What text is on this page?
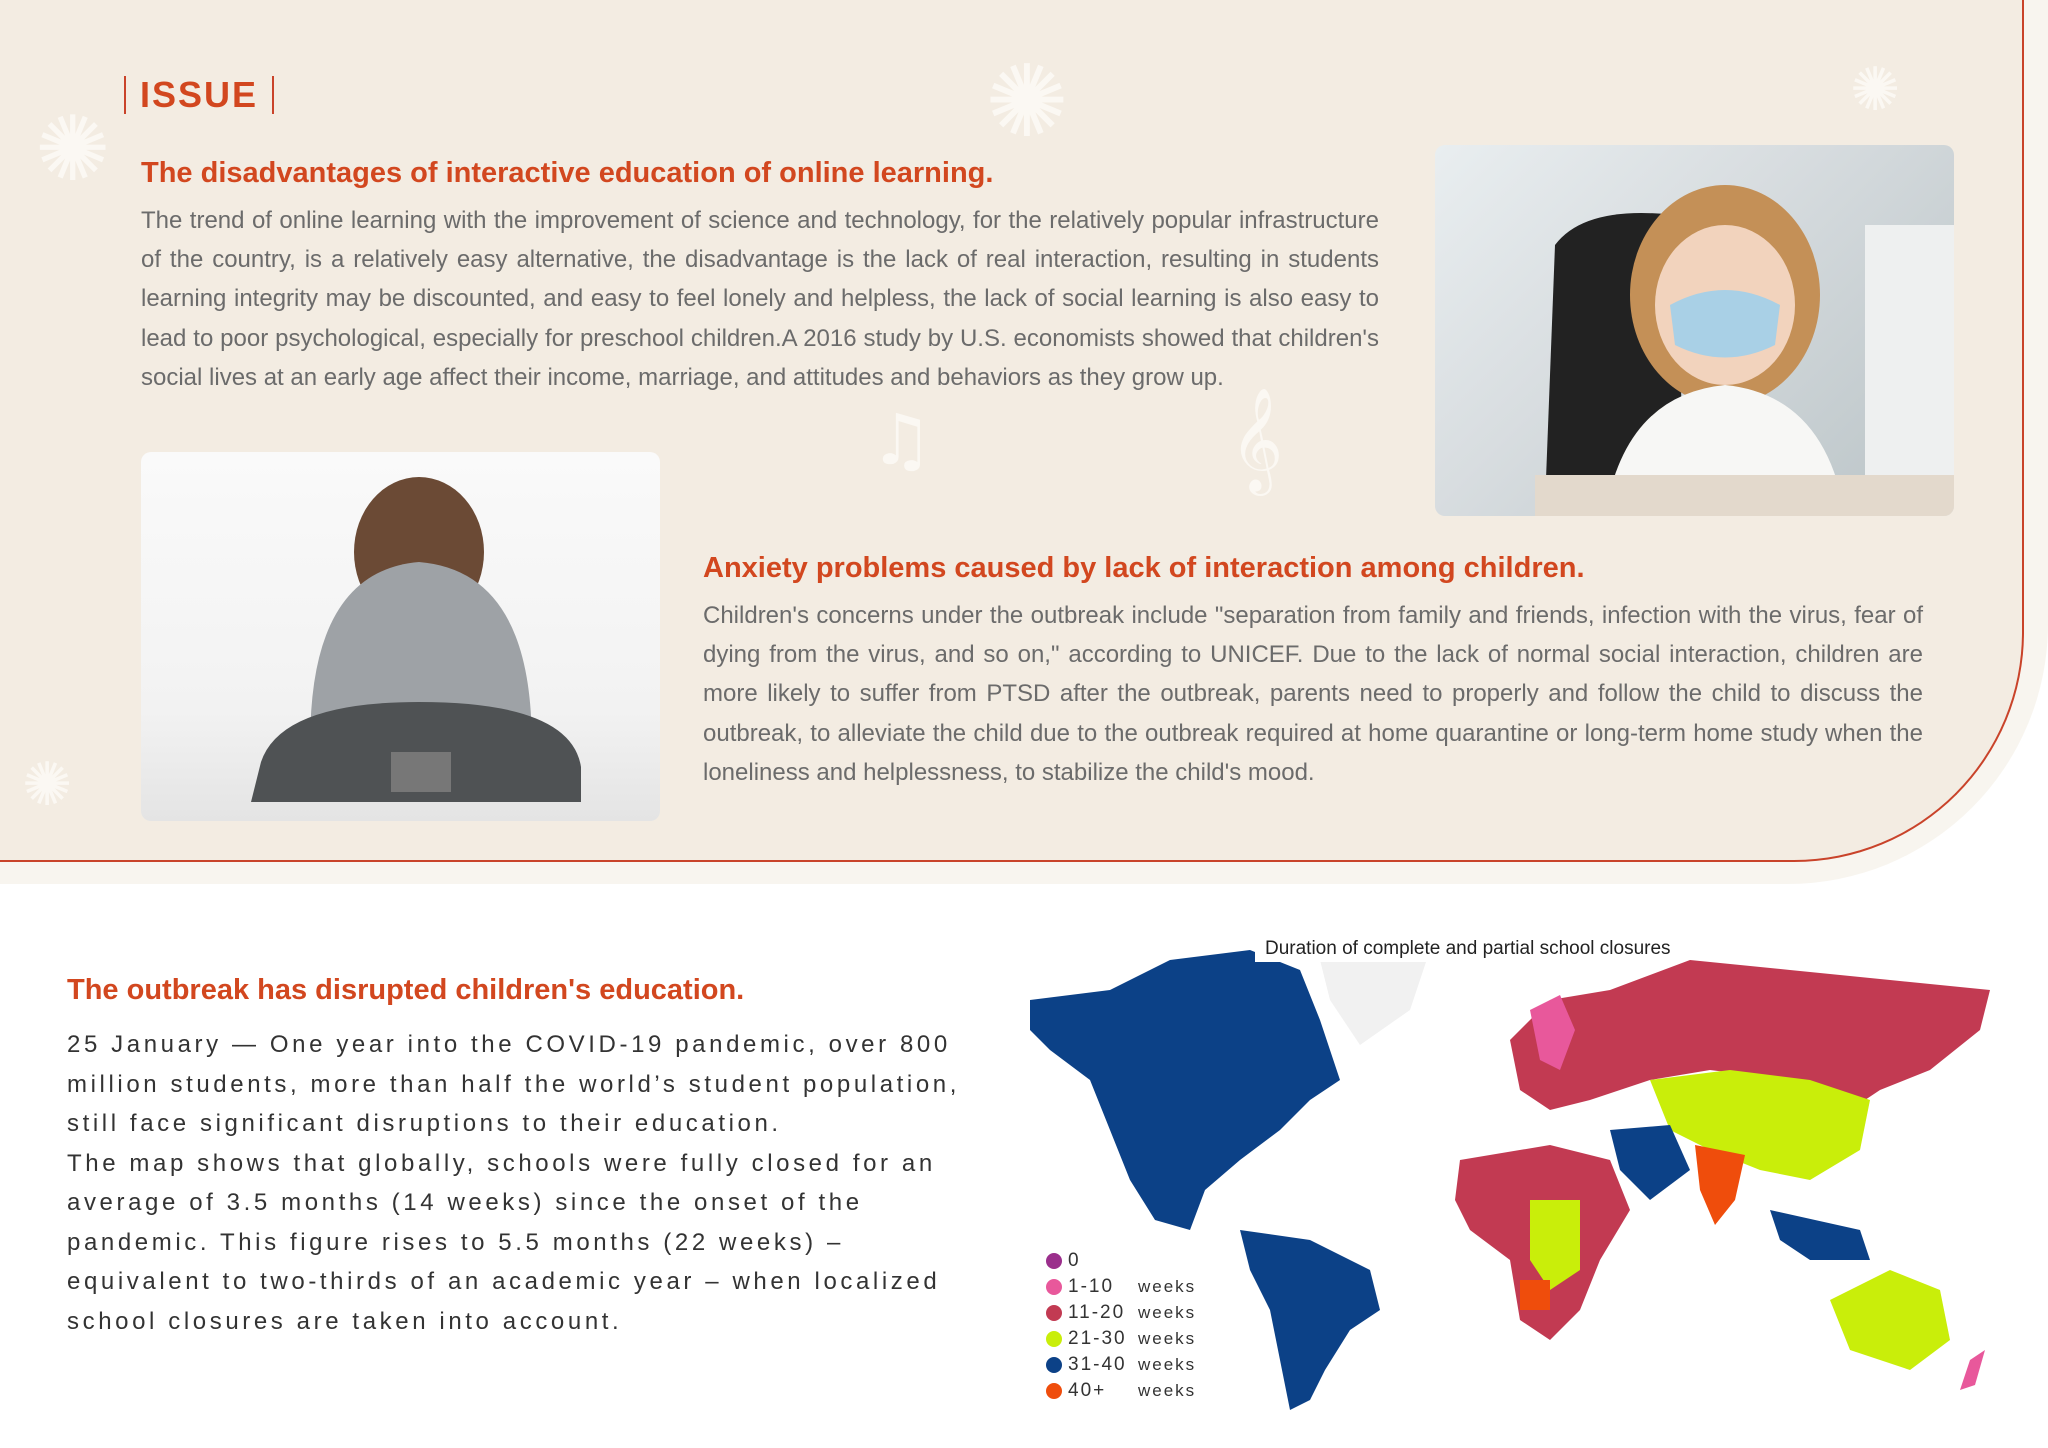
✺	✺	✺
✺
𝄞
♫
ISSUE
The disadvantages of interactive education of online learning.

The trend of online learning with the improvement of science and technology, for the relatively popular infrastructure of the country, is a relatively easy alternative, the disadvantage is the lack of real interaction, resulting in students learning integrity may be discounted, and easy to feel lonely and helpless, the lack of social learning is also easy to lead to poor psychological, especially for preschool children.A 2016 study by U.S. economists showed that children's social lives at an early age affect their income, marriage, and attitudes and behaviors as they grow up.

Anxiety problems caused by lack of interaction among children.

Children's concerns under the outbreak include "separation from family and friends, infection with the virus, fear of dying from the virus, and so on," according to UNICEF. Due to the lack of normal social interaction, children are more likely to suffer from PTSD after the outbreak, parents need to properly and follow the child to discuss the outbreak, to alleviate the child due to the outbreak required at home quarantine or long-term home study when the loneliness and helplessness, to stabilize the child's mood.

The outbreak has disrupted children's education.

25 January — One year into the COVID-19 pandemic, over 800 million students, more than half the world’s student population, still face significant disruptions to their education.
The map shows that globally, schools were fully closed for an average of 3.5 months (14 weeks) since the onset of the pandemic. This figure rises to 5.5 months (22 weeks) – equivalent to two-thirds of an academic year – when localized school closures are taken into account.

Duration of complete and partial school closures
0
1-10	weeks
11-20 weeks
21-30 weeks
31-40 weeks
40+	weeks
